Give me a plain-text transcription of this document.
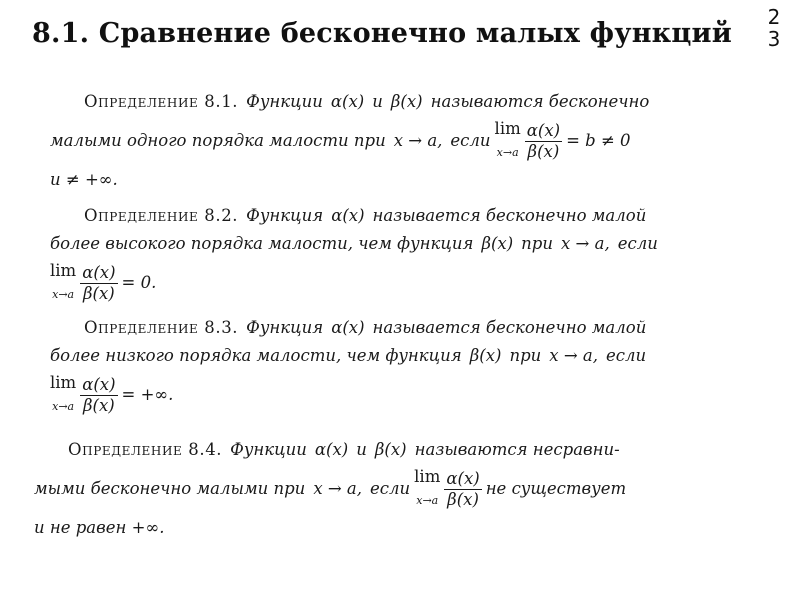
2
3
8.1. Сравнение бесконечно малых функций
Определение 8.1. Функции α(x) и β(x) называются бесконечно
малыми одного порядка малости при x → a, если
lim
$x\to a \frac{\alpha(x)}{\beta(x)} = b \ne 0$
и ≠ +∞.
Определение 8.2. Функция α(x) называется бесконечно малой
более высокого порядка малости, чем функция β(x) при x → a, если
lim
$x\to a \frac{\alpha(x)}{\beta(x)} = 0$.
Определение 8.3. Функция α(x) называется бесконечно малой
более низкого порядка малости, чем функция β(x) при x → a, если
lim
$x\to a \frac{\alpha(x)}{\beta(x)}$ = +∞.
Определение 8.4. Функции α(x) и β(x) называются несравни-
мыми бесконечно малыми при x → a, если
lim
$x\to a \frac{\alpha(x)}{\beta(x)}$ не существует
и не равен +∞.
